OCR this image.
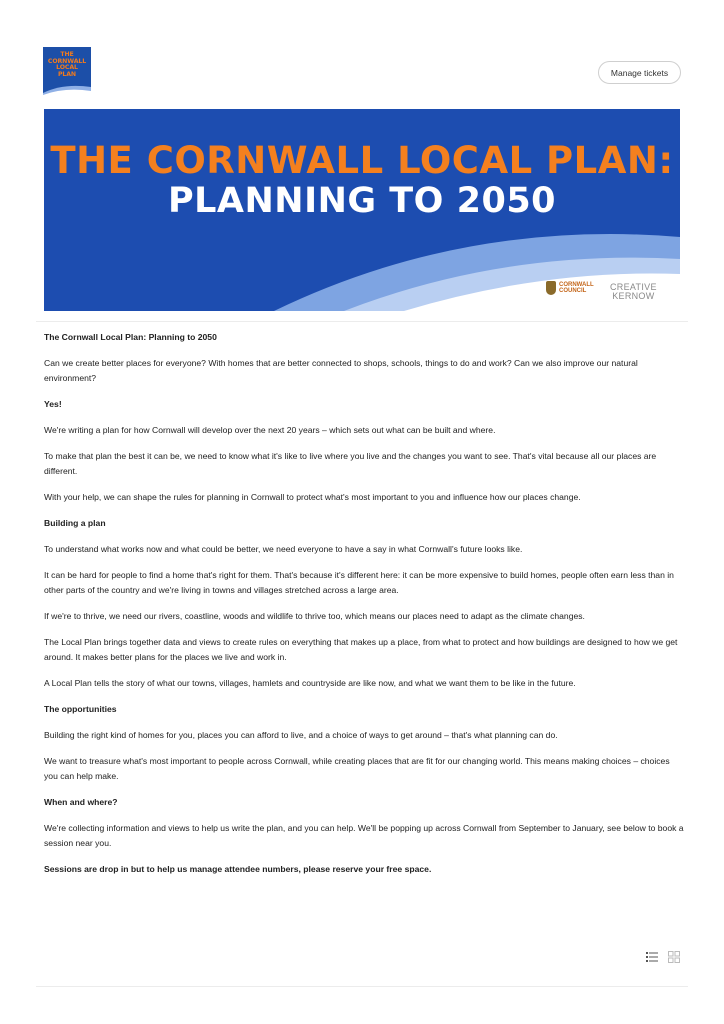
THE
CORNWALL
LOCAL
PLAN	Manage tickets
THE CORNWALL LOCAL PLAN:
PLANNING TO 2050
CORNWALL
COUNCIL	CREATIVE
KERNOW

The Cornwall Local Plan: Planning to 2050

Can we create better places for everyone? With homes that are better connected to shops, schools, things to do and work? Can we also improve our natural environment?

Yes!

We're writing a plan for how Cornwall will develop over the next 20 years – which sets out what can be built and where.

To make that plan the best it can be, we need to know what it's like to live where you live and the changes you want to see. That's vital because all our places are different.

With your help, we can shape the rules for planning in Cornwall to protect what's most important to you and influence how our places change.

Building a plan

To understand what works now and what could be better, we need everyone to have a say in what Cornwall's future looks like.

It can be hard for people to find a home that's right for them. That's because it's different here: it can be more expensive to build homes, people often earn less than in other parts of the country and we're living in towns and villages stretched across a large area.

If we're to thrive, we need our rivers, coastline, woods and wildlife to thrive too, which means our places need to adapt as the climate changes.

The Local Plan brings together data and views to create rules on everything that makes up a place, from what to protect and how buildings are designed to how we get around. It makes better plans for the places we live and work in.

A Local Plan tells the story of what our towns, villages, hamlets and countryside are like now, and what we want them to be like in the future.

The opportunities

Building the right kind of homes for you, places you can afford to live, and a choice of ways to get around – that's what planning can do.

We want to treasure what's most important to people across Cornwall, while creating places that are fit for our changing world. This means making choices – choices you can help make.

When and where?

We're collecting information and views to help us write the plan, and you can help. We'll be popping up across Cornwall from September to January, see below to book a session near you.

Sessions are drop in but to help us manage attendee numbers, please reserve your free space.
